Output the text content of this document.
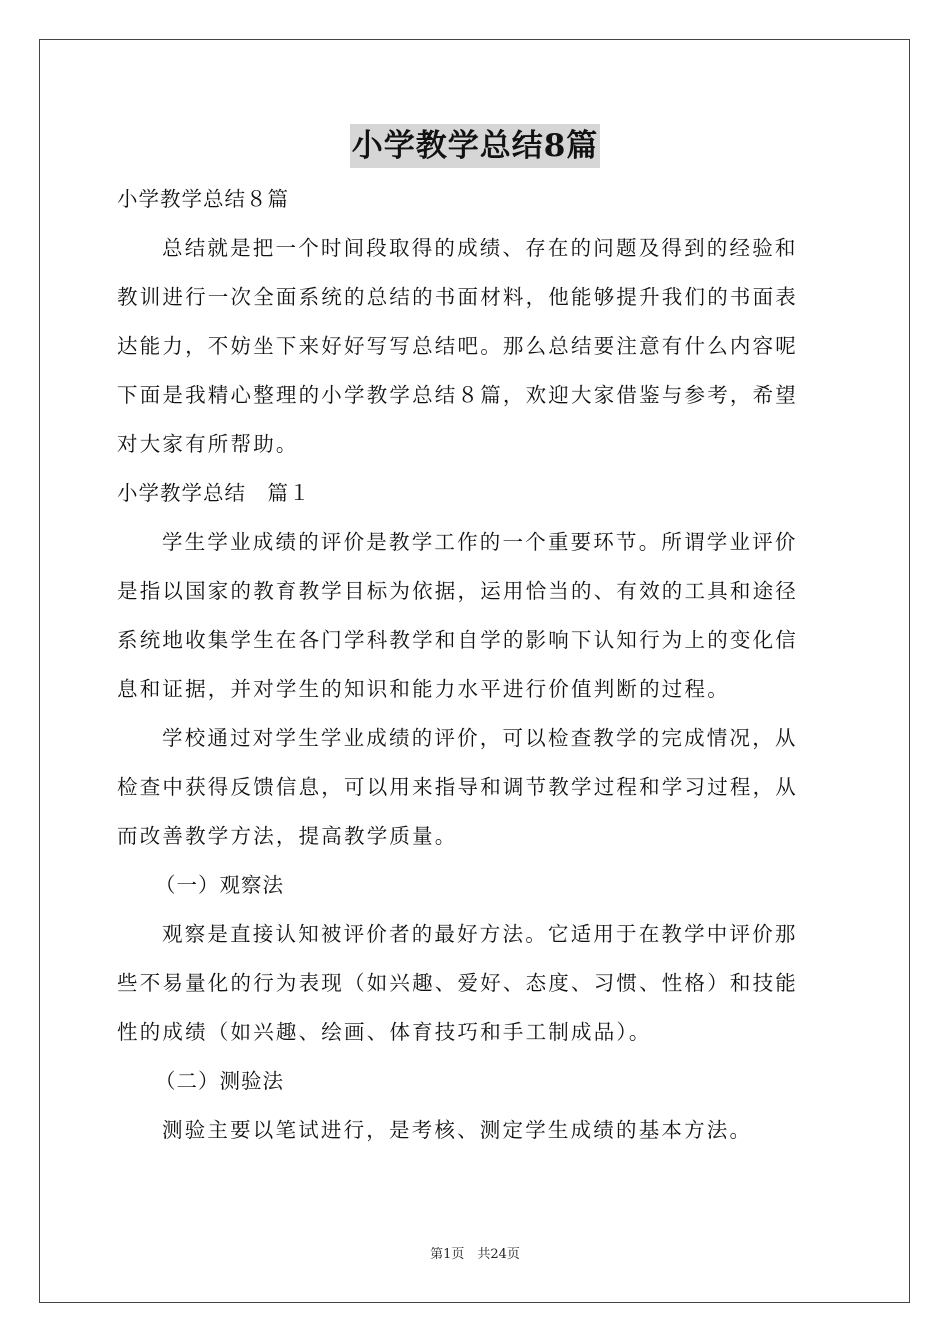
小学教学总结8篇
小学教学总结８篇
总结就是把一个时间段取得的成绩、存在的问题及得到的经验和
教训进行一次全面系统的总结的书面材料，他能够提升我们的书面表
达能力，不妨坐下来好好写写总结吧。那么总结要注意有什么内容呢
下面是我精心整理的小学教学总结８篇，欢迎大家借鉴与参考，希望
对大家有所帮助。
小学教学总结　篇１
学生学业成绩的评价是教学工作的一个重要环节。所谓学业评价
是指以国家的教育教学目标为依据，运用恰当的、有效的工具和途径
系统地收集学生在各门学科教学和自学的影响下认知行为上的变化信
息和证据，并对学生的知识和能力水平进行价值判断的过程。
学校通过对学生学业成绩的评价，可以检查教学的完成情况，从
检查中获得反馈信息，可以用来指导和调节教学过程和学习过程，从
而改善教学方法，提高教学质量。
（一）观察法
观察是直接认知被评价者的最好方法。它适用于在教学中评价那
些不易量化的行为表现（如兴趣、爱好、态度、习惯、性格）和技能
性的成绩（如兴趣、绘画、体育技巧和手工制成品）。
（二）测验法
测验主要以笔试进行，是考核、测定学生成绩的基本方法。
第1页　共24页
